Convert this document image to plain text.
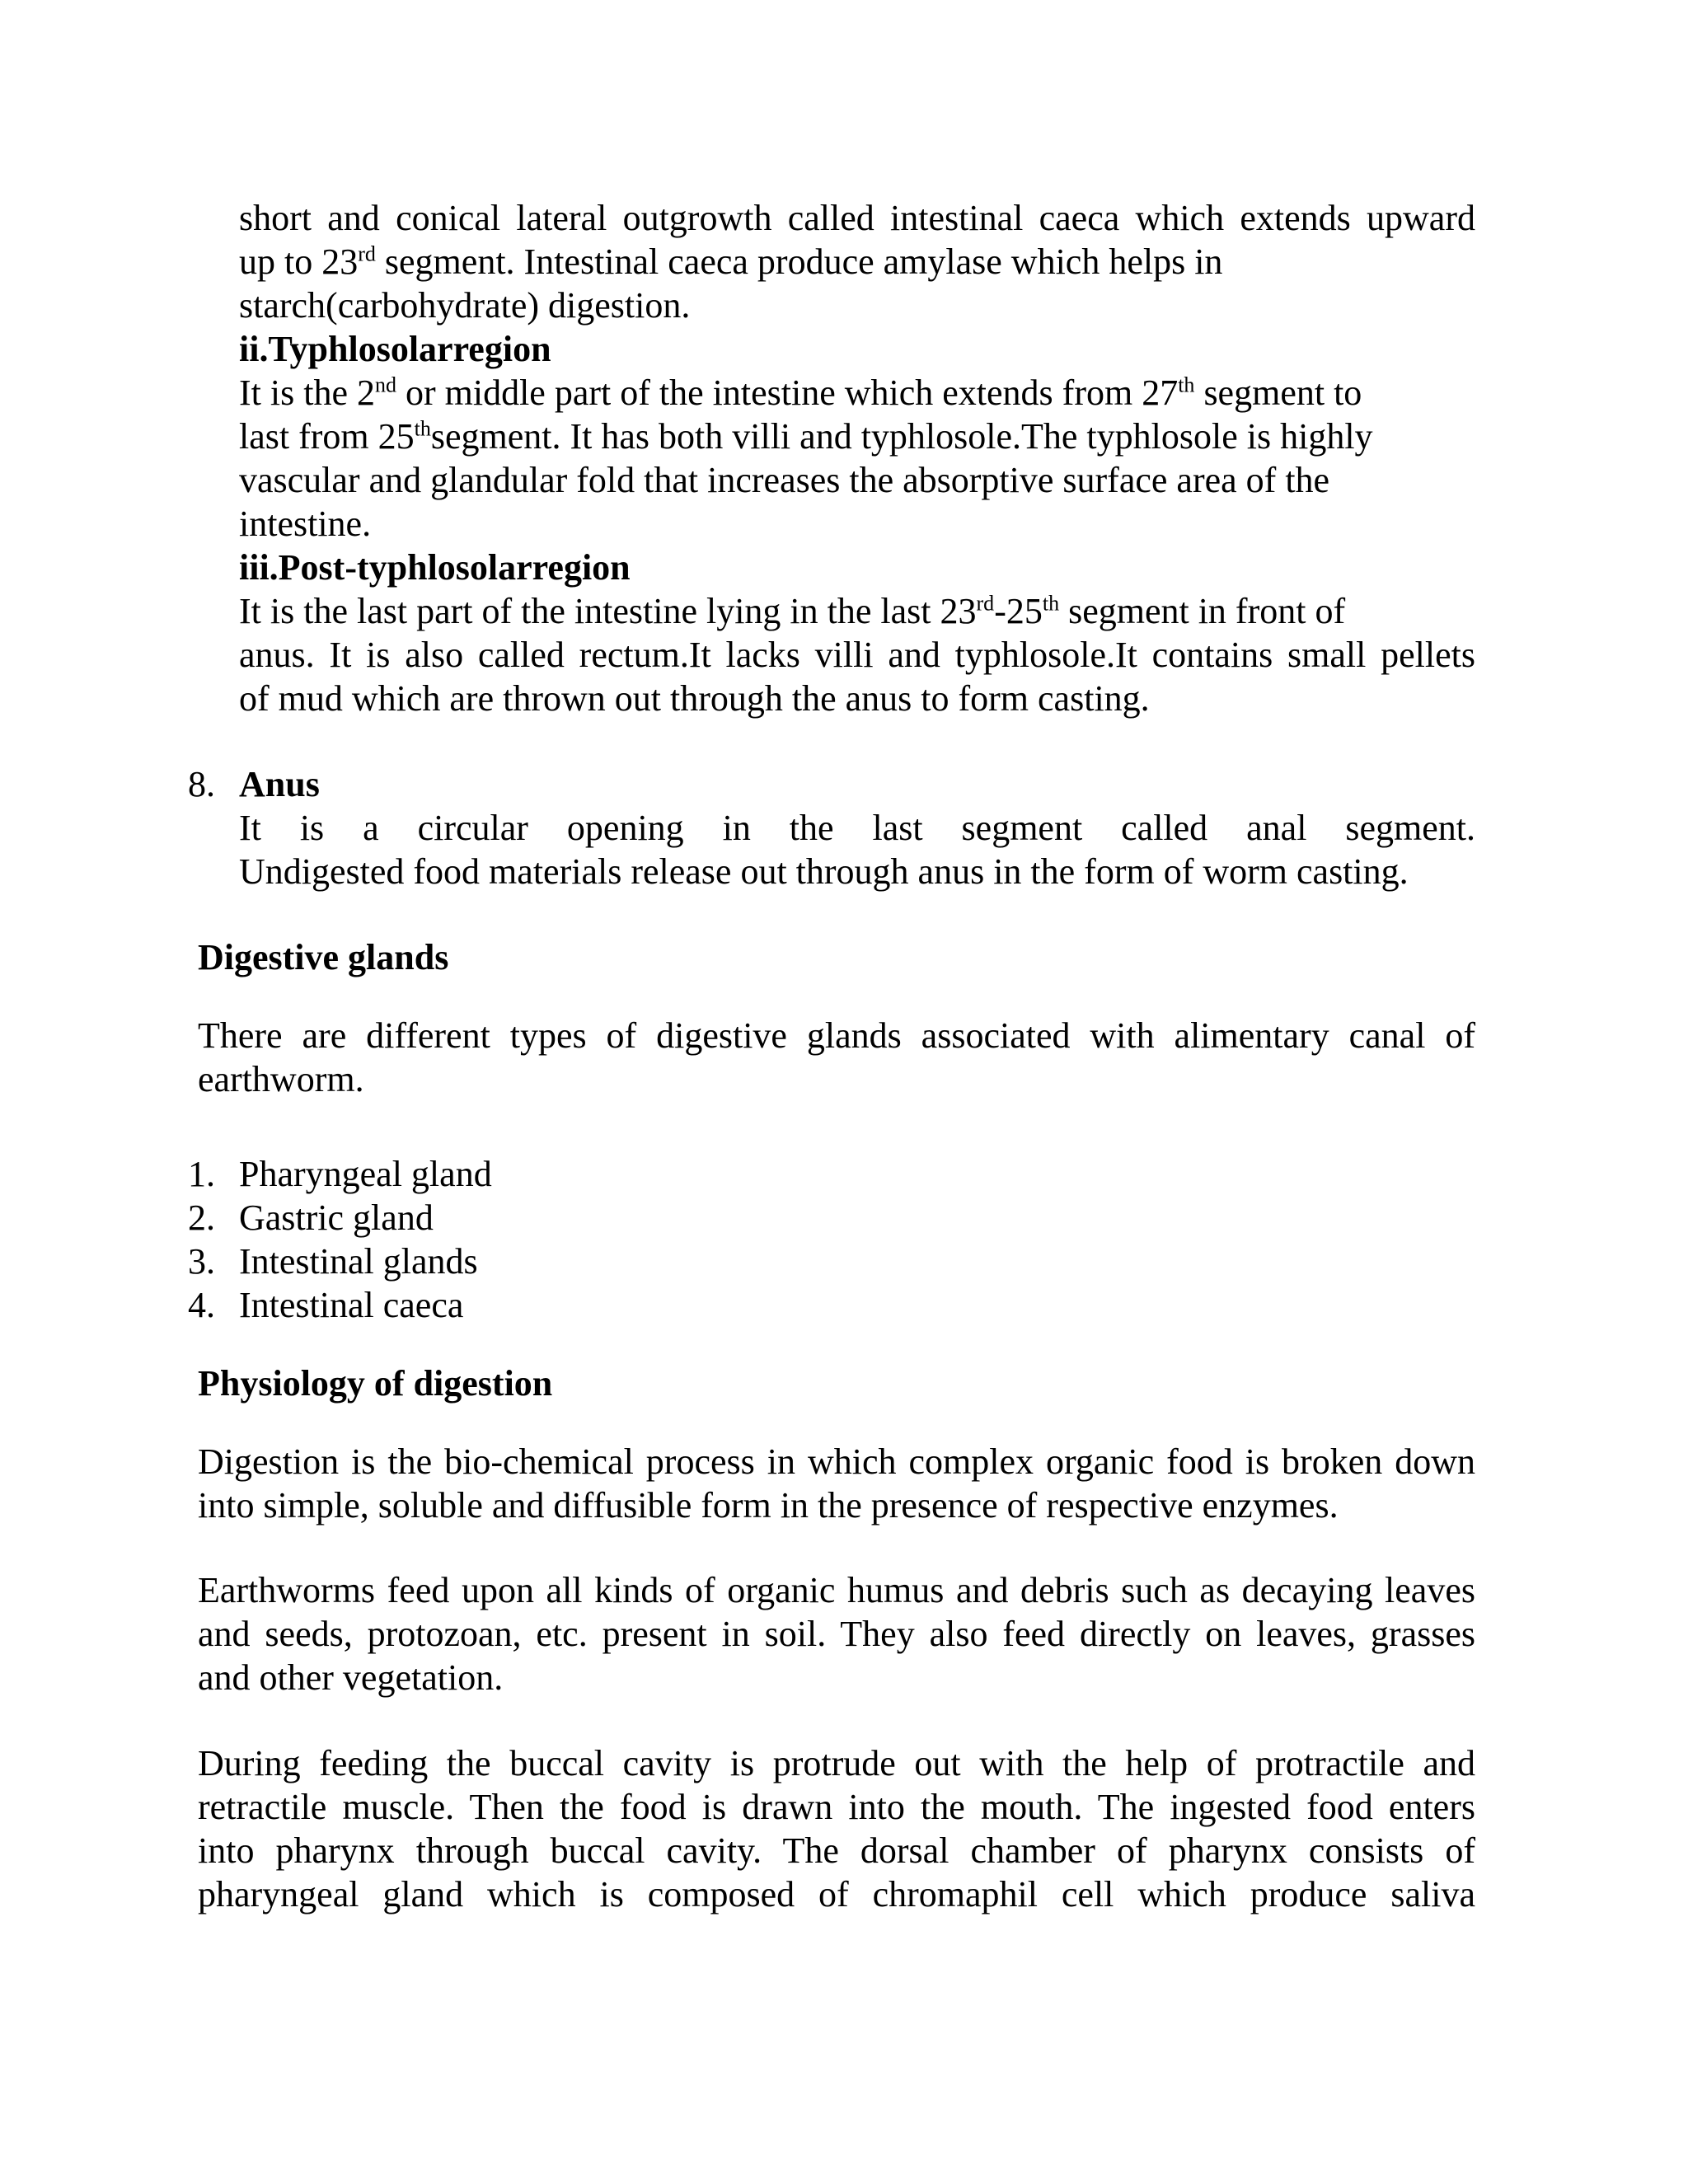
short and conical lateral outgrowth called intestinal caeca which extends upward
up to 23rd segment. Intestinal caeca produce amylase which helps in
starch(carbohydrate) digestion.
ii.Typhlosolarregion
It is the 2nd or middle part of the intestine which extends from 27th segment to
last from 25thsegment. It has both villi and typhlosole.The typhlosole is highly
vascular and glandular fold that increases the absorptive surface area of the
intestine.
iii.Post-typhlosolarregion
It is the last part of the intestine lying in the last 23rd-25th segment in front of
anus. It is also called rectum.It lacks villi and typhlosole.It contains small pellets
of mud which are thrown out through the anus to form casting.
8. Anus
It is a circular opening in the last segment called anal segment.
Undigested food materials release out through anus in the form of worm casting.
Digestive glands
There are different types of digestive glands associated with alimentary canal of
earthworm.
1. Pharyngeal gland
2. Gastric gland
3. Intestinal glands
4. Intestinal caeca
Physiology of digestion
Digestion is the bio-chemical process in which complex organic food is broken down
into simple, soluble and diffusible form in the presence of respective enzymes.
Earthworms feed upon all kinds of organic humus and debris such as decaying leaves
and seeds, protozoan, etc. present in soil. They also feed directly on leaves, grasses
and other vegetation.
During feeding the buccal cavity is protrude out with the help of protractile and
retractile muscle. Then the food is drawn into the mouth. The ingested food enters
into pharynx through buccal cavity. The dorsal chamber of pharynx consists of
pharyngeal gland which is composed of chromaphil cell which produce saliva
